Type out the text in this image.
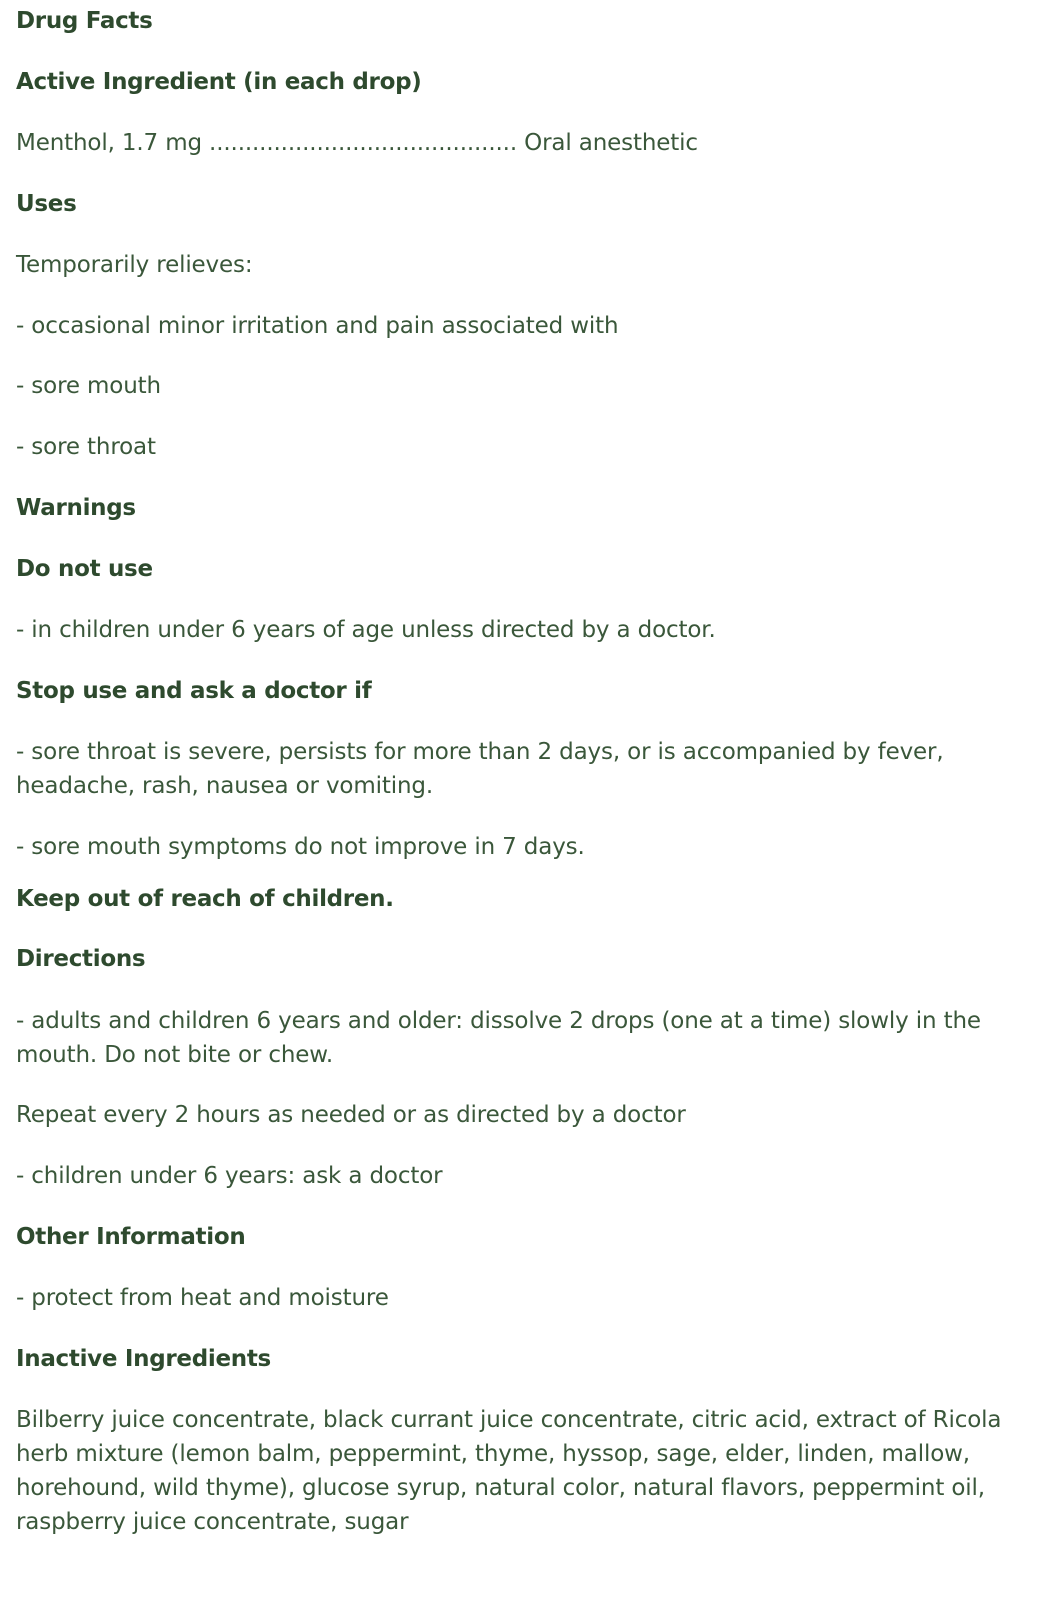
Drug Facts

Active Ingredient (in each drop)

Menthol, 1.7 mg ........................................... Oral anesthetic

Uses

Temporarily relieves:

- occasional minor irritation and pain associated with

- sore mouth

- sore throat

Warnings

Do not use

- in children under 6 years of age unless directed by a doctor.

Stop use and ask a doctor if

- sore throat is severe, persists for more than 2 days, or is accompanied by fever, headache, rash, nausea or vomiting.

- sore mouth symptoms do not improve in 7 days.

Keep out of reach of children.

Directions

- adults and children 6 years and older: dissolve 2 drops (one at a time) slowly in the mouth. Do not bite or chew.

Repeat every 2 hours as needed or as directed by a doctor

- children under 6 years: ask a doctor

Other Information

- protect from heat and moisture

Inactive Ingredients

Bilberry juice concentrate, black currant juice concentrate, citric acid, extract of Ricola herb mixture (lemon balm, peppermint, thyme, hyssop, sage, elder, linden, mallow, horehound, wild thyme), glucose syrup, natural color, natural flavors, peppermint oil, raspberry juice concentrate, sugar
